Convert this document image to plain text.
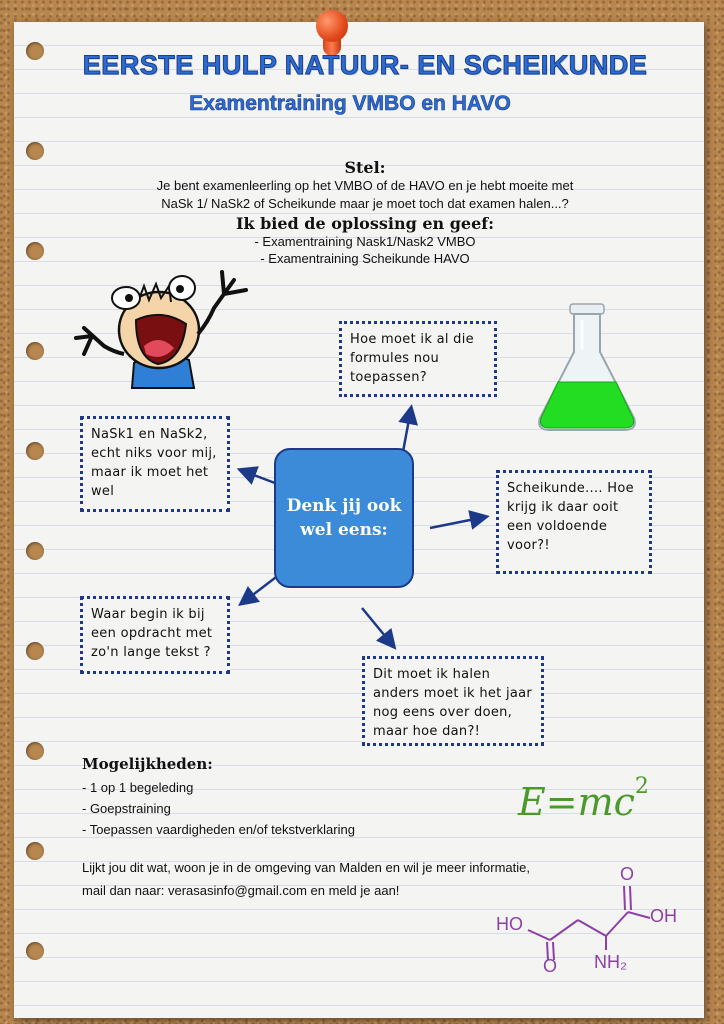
EERSTE HULP NATUUR- EN SCHEIKUNDE
Examentraining VMBO en HAVO
Stel:
Je bent examenleerling op het VMBO of de HAVO en je hebt moeite met
NaSk 1/ NaSk2 of Scheikunde maar je moet toch dat examen halen...?
Ik bied de oplossing en geef:
- Examentraining Nask1/Nask2 VMBO
- Examentraining Scheikunde HAVO
Hoe moet ik al die formules nou toepassen?
NaSk1 en NaSk2, echt niks voor mij, maar ik moet het wel	Scheikunde.... Hoe krijg ik daar ooit een voldoende voor?!
Waar begin ik bij een opdracht met zo'n lange tekst ?
Dit moet ik halen anders moet ik het jaar nog eens over doen, maar hoe dan?!
Denk jij ook wel eens:
Mogelijkheden:
- 1 op 1 begeleding
- Goepstraining
- Toepassen vaardigheden en/of tekstverklaring
$E=mc^2$
Lijkt jou dit wat, woon je in de omgeving van Malden en wil je meer informatie,
mail dan naar: verasasinfo@gmail.com en meld je aan!
HO	OH
NH₂
O
O
